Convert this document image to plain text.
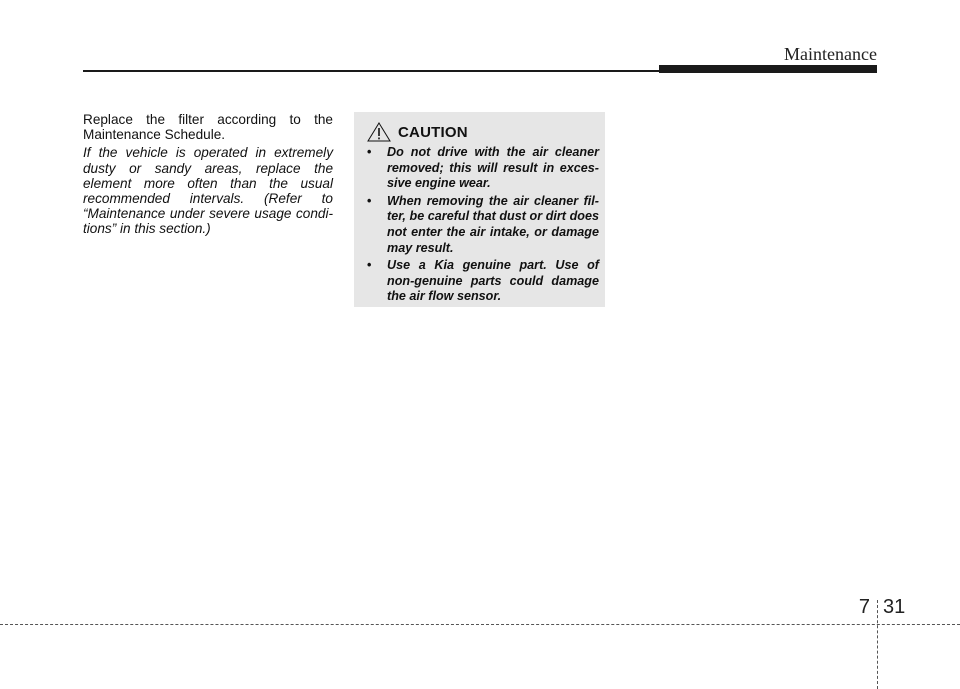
Maintenance

Replace the filter according to the Maintenance Schedule.

If the vehicle is operated in extremely dusty or sandy areas, replace the element more often than the usual recommended intervals. (Refer to “Maintenance under severe usage condi-tions” in this section.)

CAUTION
• Do not drive with the air cleaner removed; this will result in exces-sive engine wear.
• When removing the air cleaner fil-ter, be careful that dust or dirt does not enter the air intake, or damage may result.
• Use a Kia genuine part. Use of non-genuine parts could damage the air flow sensor.
7 31
